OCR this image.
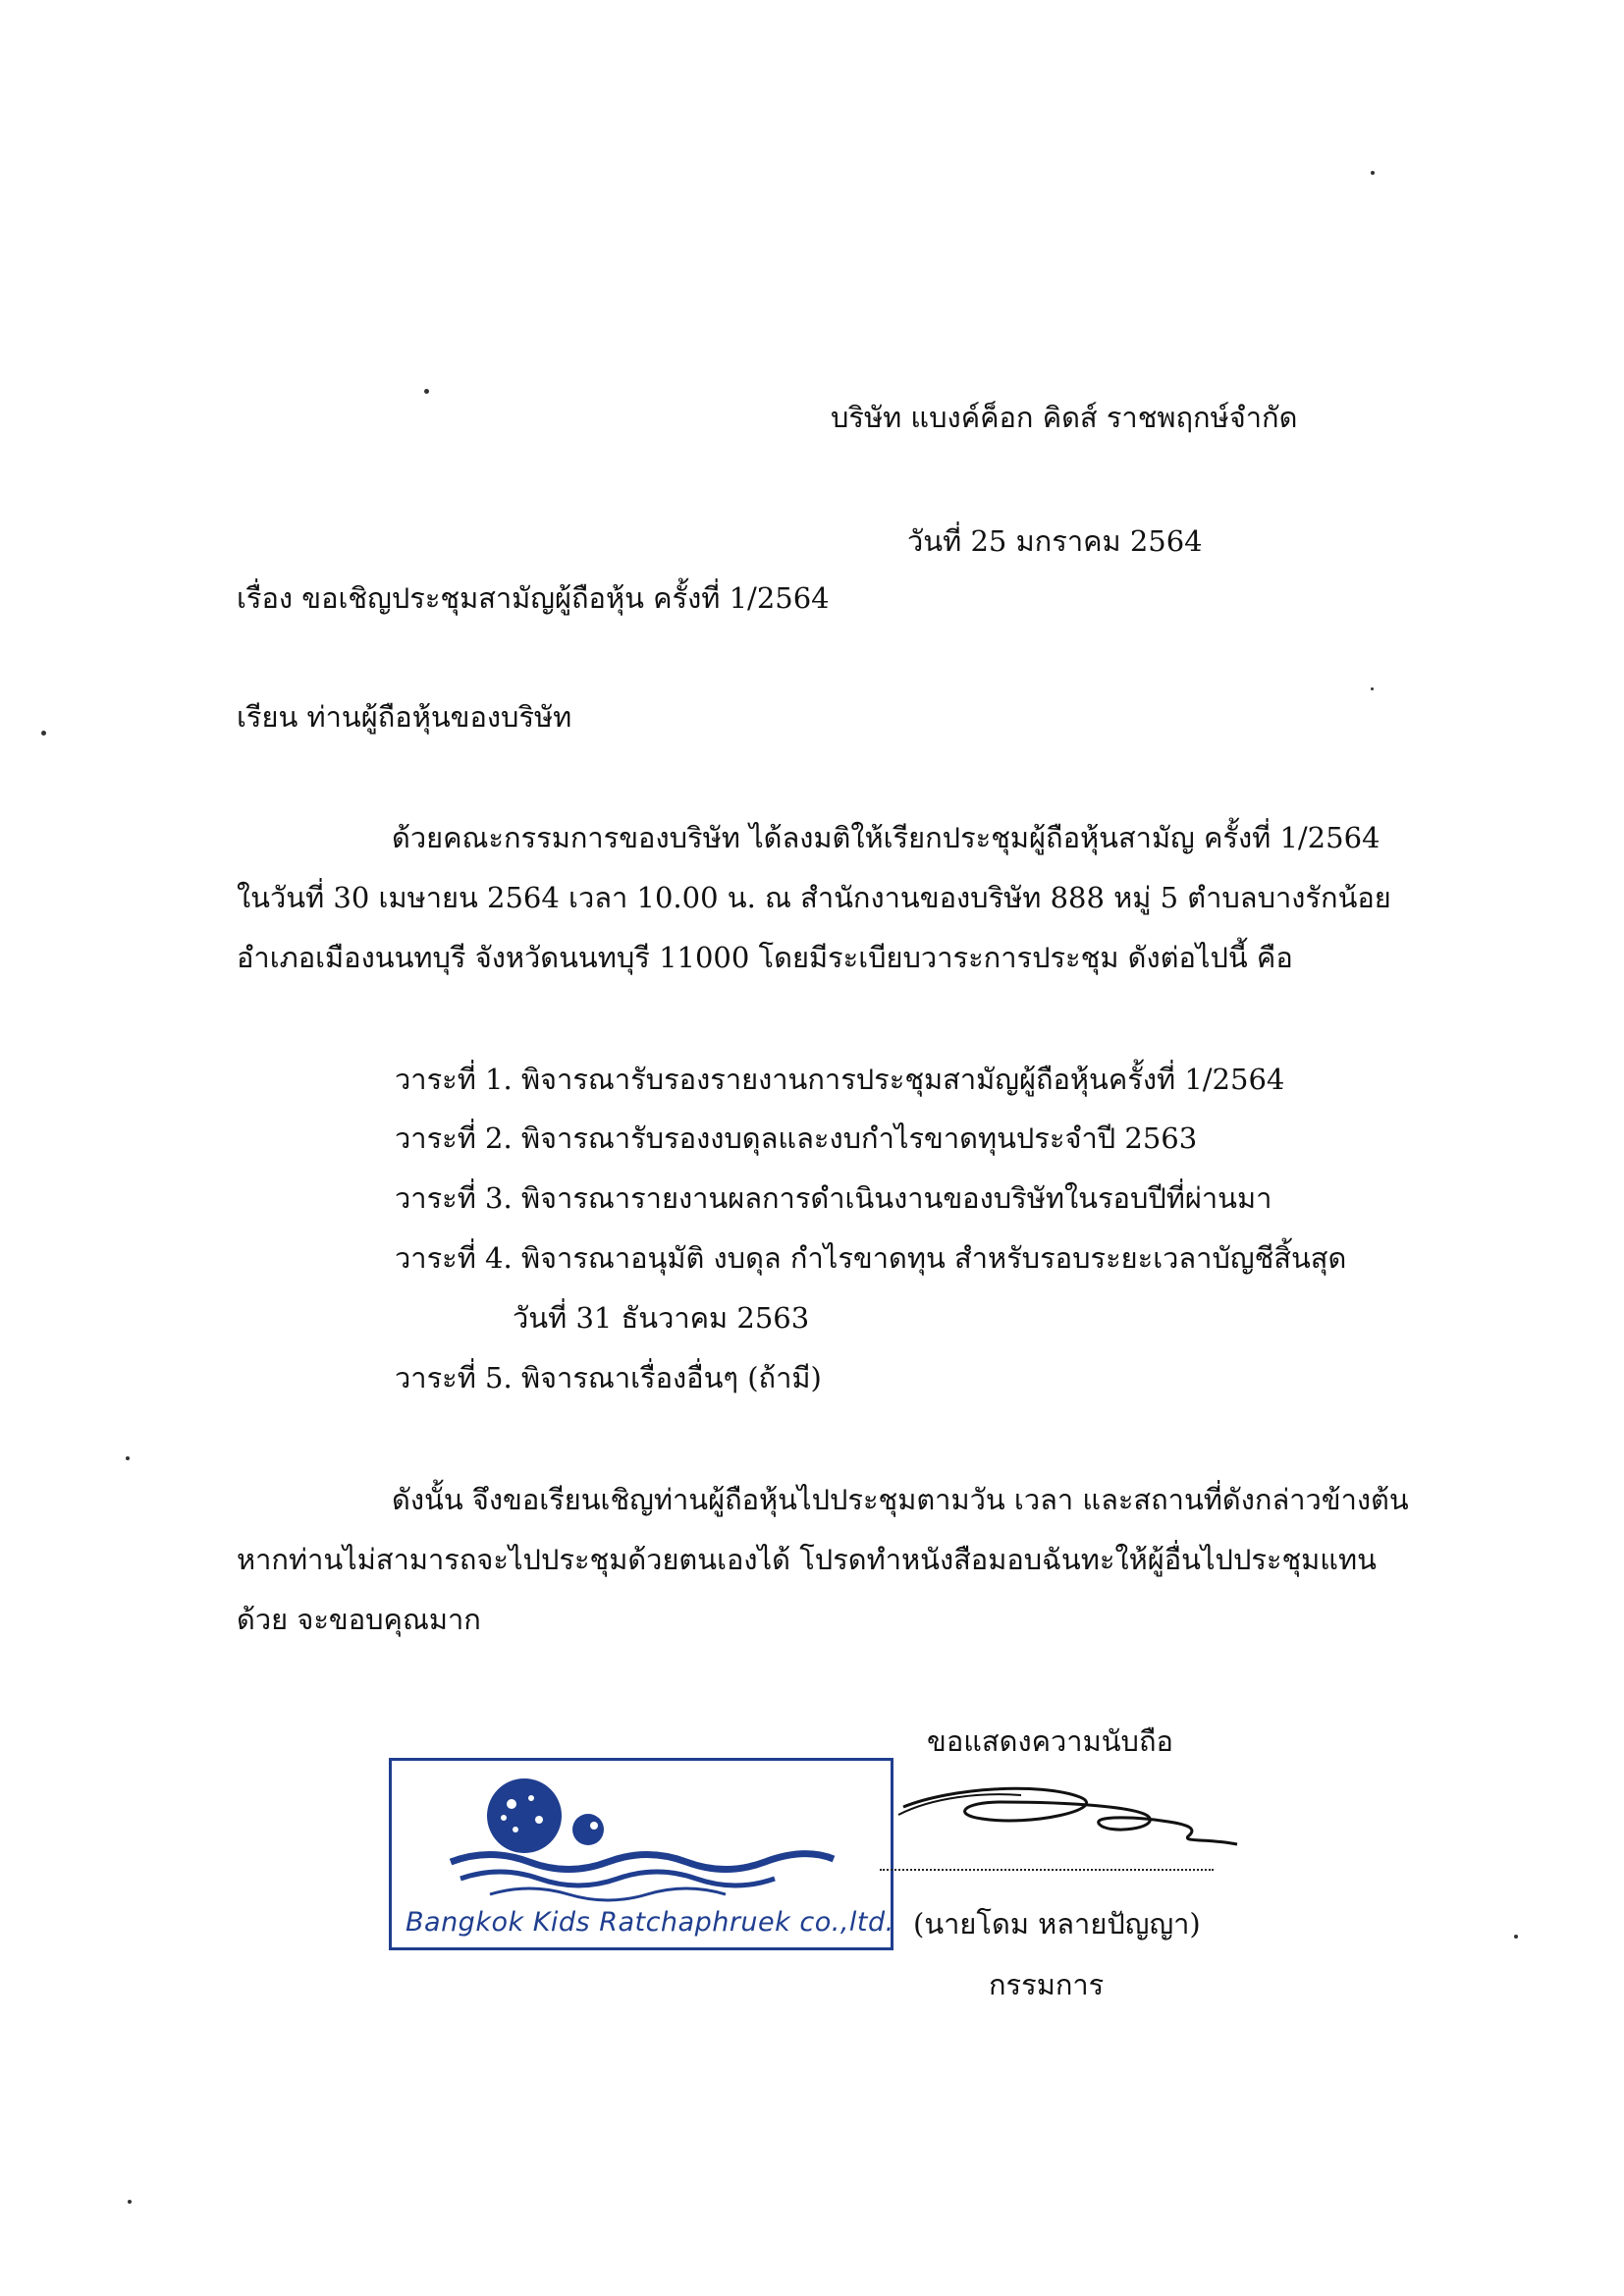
บริษัท แบงค์ค็อก คิดส์ ราชพฤกษ์จำกัด
วันที่ 25 มกราคม 2564
เรื่อง ขอเชิญประชุมสามัญผู้ถือหุ้น ครั้งที่ 1/2564
เรียน ท่านผู้ถือหุ้นของบริษัท
ด้วยคณะกรรมการของบริษัท ได้ลงมติให้เรียกประชุมผู้ถือหุ้นสามัญ ครั้งที่ 1/2564
ในวันที่ 30 เมษายน 2564 เวลา 10.00 น. ณ สำนักงานของบริษัท 888 หมู่ 5 ตำบลบางรักน้อย
อำเภอเมืองนนทบุรี จังหวัดนนทบุรี 11000 โดยมีระเบียบวาระการประชุม ดังต่อไปนี้ คือ
วาระที่ 1. พิจารณารับรองรายงานการประชุมสามัญผู้ถือหุ้นครั้งที่ 1/2564
วาระที่ 2. พิจารณารับรองงบดุลและงบกำไรขาดทุนประจำปี 2563
วาระที่ 3. พิจารณารายงานผลการดำเนินงานของบริษัทในรอบปีที่ผ่านมา
วาระที่ 4. พิจารณาอนุมัติ งบดุล กำไรขาดทุน สำหรับรอบระยะเวลาบัญชีสิ้นสุด
วันที่ 31 ธันวาคม 2563
วาระที่ 5. พิจารณาเรื่องอื่นๆ (ถ้ามี)
ดังนั้น จึงขอเรียนเชิญท่านผู้ถือหุ้นไปประชุมตามวัน เวลา และสถานที่ดังกล่าวข้างต้น
หากท่านไม่สามารถจะไปประชุมด้วยตนเองได้ โปรดทำหนังสือมอบฉันทะให้ผู้อื่นไปประชุมแทน
ด้วย จะขอบคุณมาก
ขอแสดงความนับถือ
Bangkok Kids Ratchaphruek co.,ltd. (นายโดม หลายปัญญา)
กรรมการ
